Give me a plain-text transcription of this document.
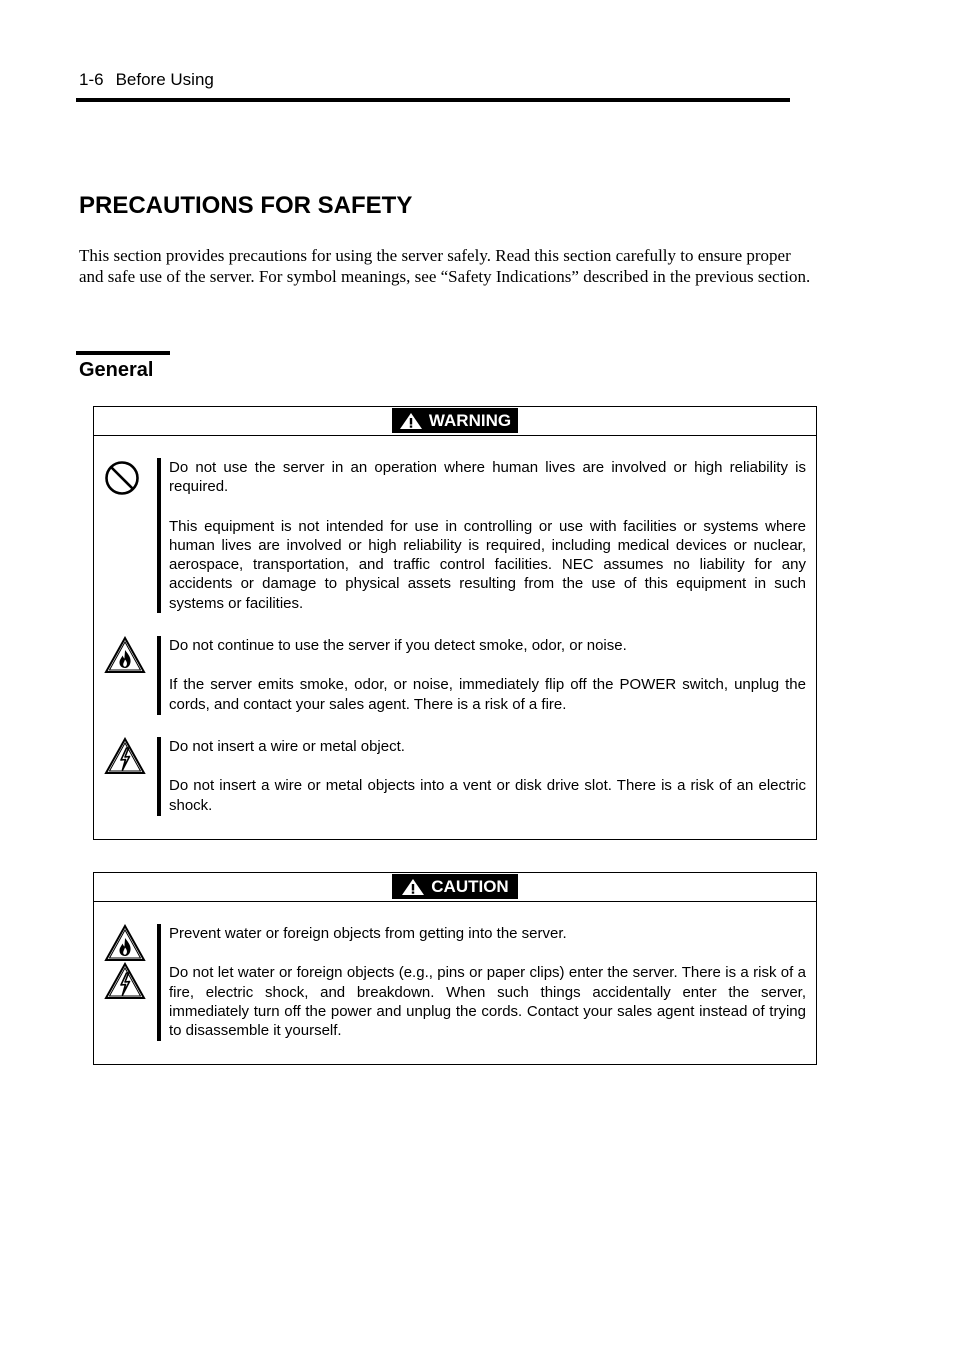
1-6 Before Using
PRECAUTIONS FOR SAFETY

This section provides precautions for using the server safely. Read this section carefully to ensure proper and safe use of the server. For symbol meanings, see “Safety Indications” described in the previous section.

General
WARNING

Do not use the server in an operation where human lives are involved or high reliability is required.

This equipment is not intended for use in controlling or use with facilities or systems where human lives are involved or high reliability is required, including medical devices or nuclear, aerospace, transportation, and traffic control facilities. NEC assumes no liability for any accidents or damage to physical assets resulting from the use of this equipment in such systems or facilities.

Do not continue to use the server if you detect smoke, odor, or noise.

If the server emits smoke, odor, or noise, immediately flip off the POWER switch, unplug the cords, and contact your sales agent. There is a risk of a fire.

Do not insert a wire or metal object.

Do not insert a wire or metal objects into a vent or disk drive slot. There is a risk of an electric shock.

CAUTION

Prevent water or foreign objects from getting into the server.

Do not let water or foreign objects (e.g., pins or paper clips) enter the server. There is a risk of a fire, electric shock, and breakdown. When such things accidentally enter the server, immediately turn off the power and unplug the cords. Contact your sales agent instead of trying to disassemble it yourself.
